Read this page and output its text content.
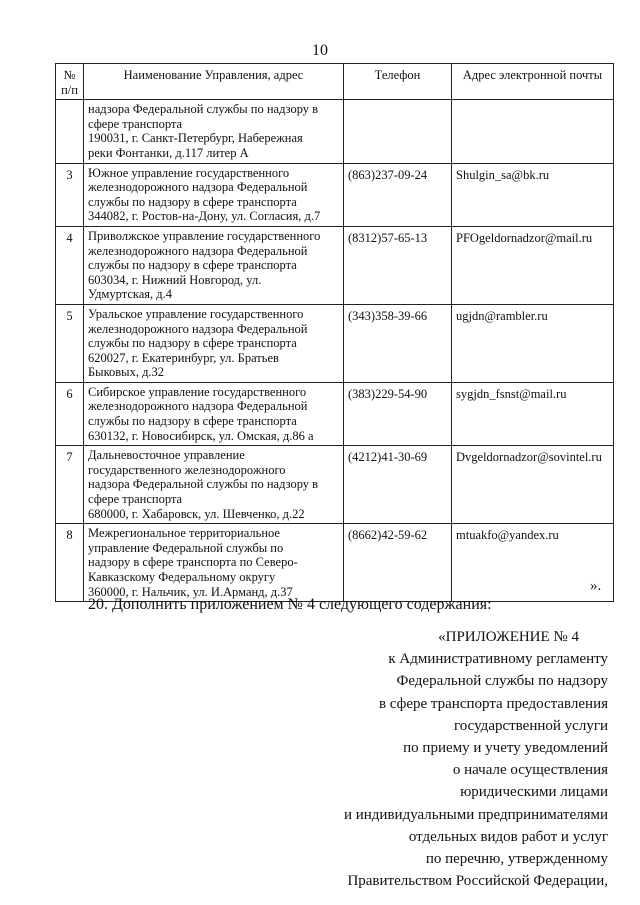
10
№ п/п	Наименование Управления, адрес	Телефон	Адрес электронной почты

	надзора Федеральной службы по надзору в
сфере транспорта
190031, г. Санкт-Петербург, Набережная
реки Фонтанки, д.117 литер А		

3	Южное управление государственного
железнодорожного надзора Федеральной
службы по надзору в сфере транспорта
344082, г. Ростов-на-Дону, ул. Согласия, д.7	(863)237-09-24	Shulgin_sa@bk.ru
4	Приволжское управление государственного
железнодорожного надзора Федеральной
службы по надзору в сфере транспорта
603034, г. Нижний Новгород, ул.
Удмуртская, д.4	(8312)57-65-13	PFOgeldornadzor@mail.ru
5	Уральское управление государственного
железнодорожного надзора Федеральной
службы по надзору в сфере транспорта
620027, г. Екатеринбург, ул. Братьев
Быковых, д.32	(343)358-39-66	ugjdn@rambler.ru
6	Сибирское управление государственного
железнодорожного надзора Федеральной
службы по надзору в сфере транспорта
630132, г. Новосибирск, ул. Омская, д.86 а	(383)229-54-90	sygjdn_fsnst@mail.ru
7	Дальневосточное управление
государственного железнодорожного
надзора Федеральной службы по надзору в
сфере транспорта
680000, г. Хабаровск, ул. Шевченко, д.22	(4212)41-30-69	Dvgeldornadzor@sovintel.ru
8	Межрегиональное территориальное
управление Федеральной службы по
надзору в сфере транспорта по Северо-
Кавказскому Федеральному округу
360000, г. Нальчик, ул. И.Арманд, д.37	(8662)42-59-62	mtuakfo@yandex.ru
».
20. Дополнить приложением № 4 следующего содержания:
«ПРИЛОЖЕНИЕ № 4
к Административному регламенту
Федеральной службы по надзору
в сфере транспорта предоставления
государственной услуги
по приему и учету уведомлений
о начале осуществления
юридическими лицами
и индивидуальными предпринимателями
отдельных видов работ и услуг
по перечню, утвержденному
Правительством Российской Федерации,
